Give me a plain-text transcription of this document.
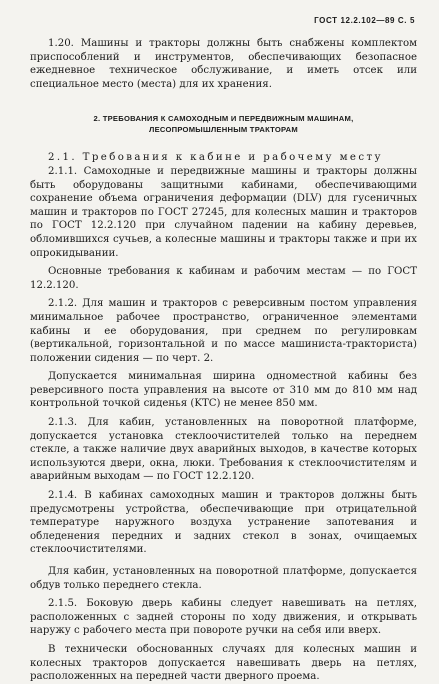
ГОСТ 12.2.102—89 С. 5

1.20. Машины и тракторы должны быть снабжены комплектом приспособлений и инструментов, обеспечивающих безопасное ежедневное техническое обслуживание, и иметь отсек или специальное место (места) для их хранения.

2. ТРЕБОВАНИЯ К САМОХОДНЫМ И ПЕРЕДВИЖНЫМ МАШИНАМ,
ЛЕСОПРОМЫШЛЕННЫМ ТРАКТОРАМ

2.1. Требования к кабине и рабочему месту

2.1.1. Самоходные и передвижные машины и тракторы должны быть оборудованы защитными кабинами, обеспечивающими сохранение объема ограничения деформации (DLV) для гусеничных машин и тракторов по ГОСТ 27245, для колесных машин и тракторов по ГОСТ 12.2.120 при случайном падении на кабину деревьев, обломившихся сучьев, а колесные машины и тракторы также и при их опрокидывании.

Основные требования к кабинам и рабочим местам — по ГОСТ 12.2.120.

2.1.2. Для машин и тракторов с реверсивным постом управления минимальное рабочее пространство, ограниченное элементами кабины и ее оборудования, при среднем по регулировкам (вертикальной, горизонтальной и по массе машиниста-тракториста) положении сидения — по черт. 2.

Допускается минимальная ширина одноместной кабины без реверсивного поста управления на высоте от 310 мм до 810 мм над контрольной точкой сиденья (KTC) не менее 850 мм.

2.1.3. Для кабин, установленных на поворотной платформе, допускается установка стеклоочистителей только на переднем стекле, а также наличие двух аварийных выходов, в качестве которых используются двери, окна, люки. Требования к стеклоочистителям и аварийным выходам — по ГОСТ 12.2.120.

2.1.4. В кабинах самоходных машин и тракторов должны быть предусмотрены устройства, обеспечивающие при отрицательной температуре наружного воздуха устранение запотевания и обледенения передних и задних стекол в зонах, очищаемых стеклоочистителями.

Для кабин, установленных на поворотной платформе, допускается обдув только переднего стекла.

2.1.5. Боковую дверь кабины следует навешивать на петлях, расположенных с задней стороны по ходу движения, и открывать наружу с рабочего места при повороте ручки на себя или вверх.

В технически обоснованных случаях для колесных машин и колесных тракторов допускается навешивать дверь на петлях, расположенных на передней части дверного проема.
